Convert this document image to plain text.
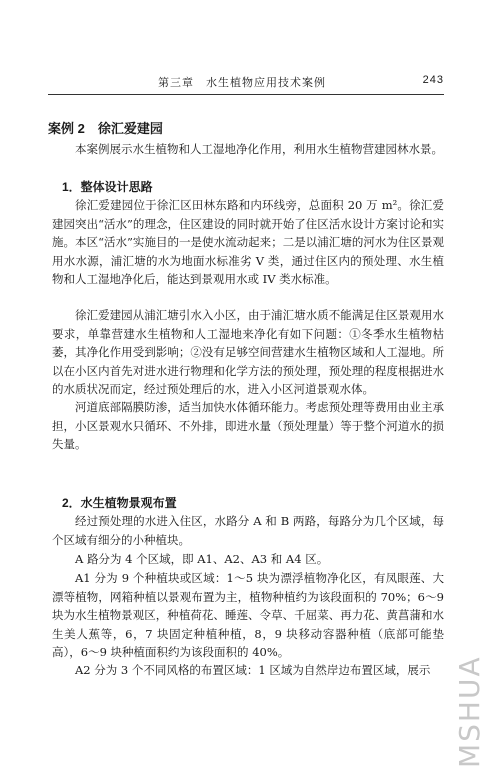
第三章　水生植物应用技术案例	243
案例 2　徐汇爱建园

本案例展示水生植物和人工湿地净化作用，利用水生植物营建园林水景。

1．整体设计思路

徐汇爱建园位于徐汇区田林东路和内环线旁，总面积 20 万 m²。徐汇爱建园突出“活水”的理念，住区建设的同时就开始了住区活水设计方案讨论和实施。本区“活水”实施目的一是使水流动起来；二是以浦汇塘的河水为住区景观用水水源，浦汇塘的水为地面水标准劣 V 类，通过住区内的预处理、水生植物和人工湿地净化后，能达到景观用水或 IV 类水标准。

徐汇爱建园从浦汇塘引水入小区，由于浦汇塘水质不能满足住区景观用水要求，单靠营建水生植物和人工湿地来净化有如下问题：①冬季水生植物枯萎，其净化作用受到影响；②没有足够空间营建水生植物区域和人工湿地。所以在小区内首先对进水进行物理和化学方法的预处理，预处理的程度根据进水的水质状况而定，经过预处理后的水，进入小区河道景观水体。

河道底部隔膜防渗，适当加快水体循环能力。考虑预处理等费用由业主承担，小区景观水只循环、不外排，即进水量（预处理量）等于整个河道水的损失量。

2．水生植物景观布置

经过预处理的水进入住区，水路分 A 和 B 两路，每路分为几个区域，每个区域有细分的小种植块。

A 路分为 4 个区域，即 A1、A2、A3 和 A4 区。

A1 分为 9 个种植块或区域：1～5 块为漂浮植物净化区，有凤眼莲、大漂等植物，网箱种植以景观布置为主，植物种植约为该段面积的 70%；6～9 块为水生植物景观区，种植荷花、睡莲、令草、千屈菜、再力花、黄菖蒲和水生美人蕉等，6，7 块固定种植种植，8，9 块移动容器种植（底部可能垫高），6～9 块种植面积约为该段面积的 40%。

A2 分为 3 个不同风格的布置区域：1 区域为自然岸边布置区域，展示 MSHUA
